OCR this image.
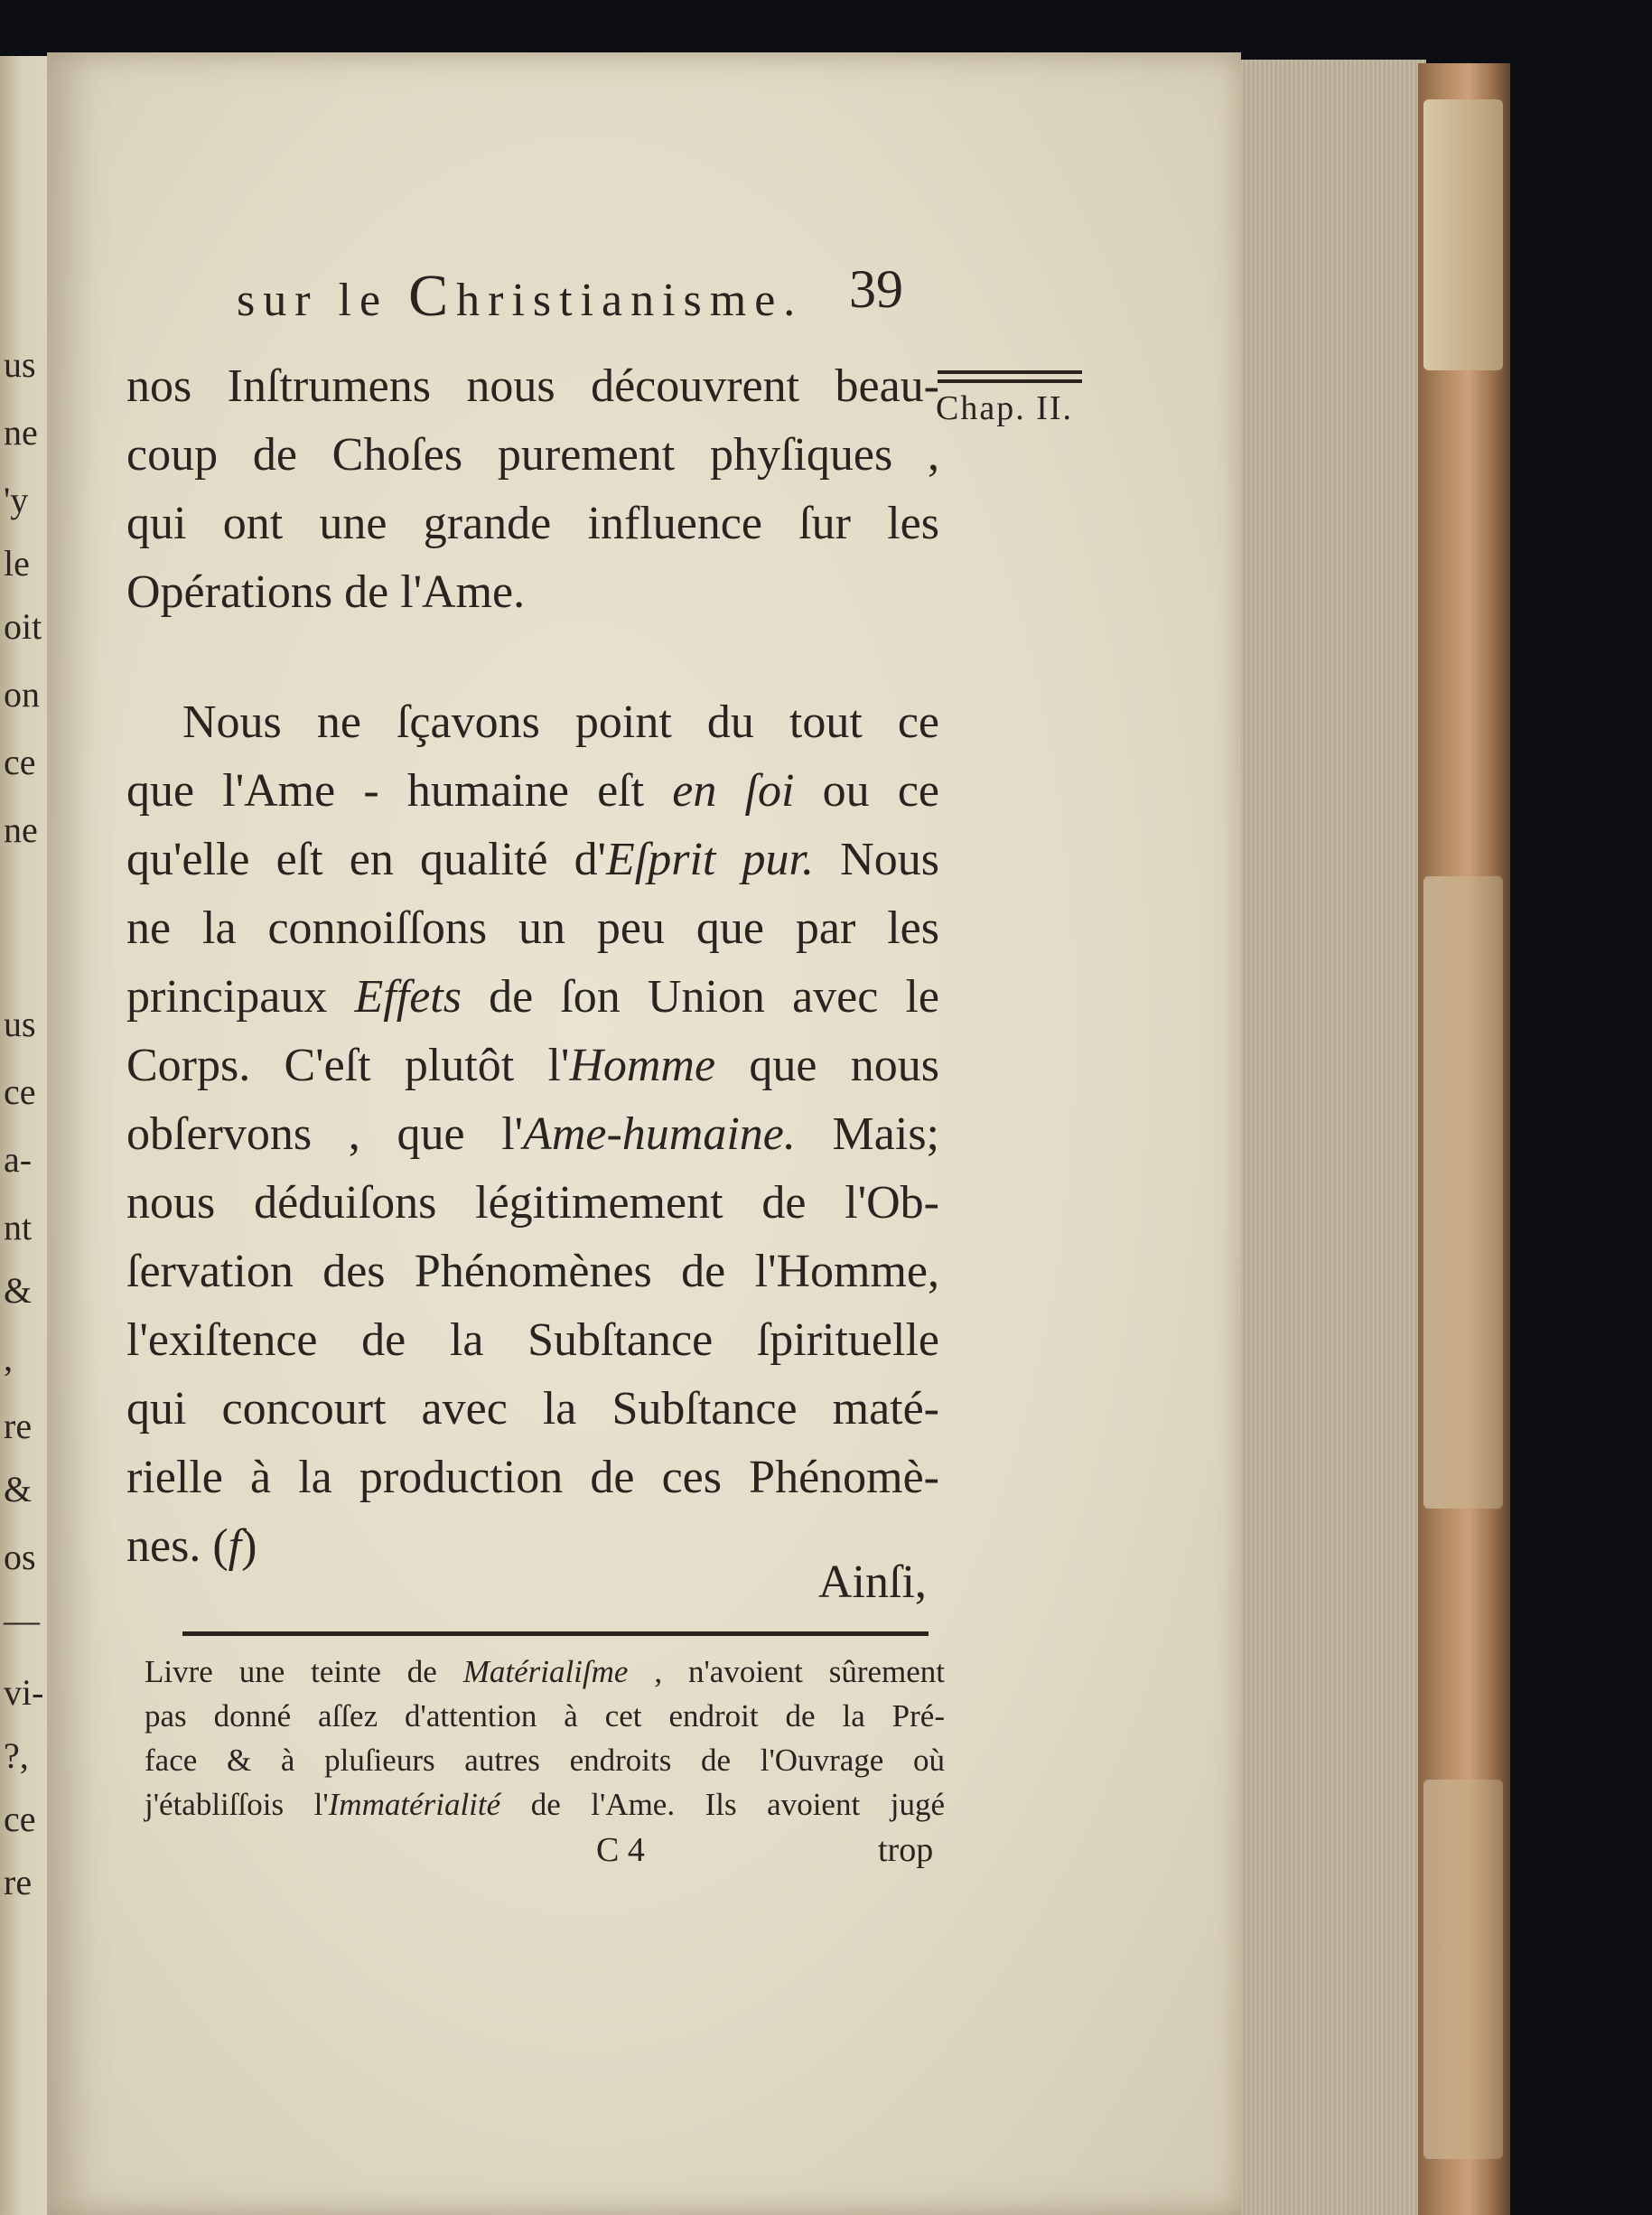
us
ne
'y
le
oit
on
ce
ne
us
ce
a-
nt
&
,
re
&
os
—
vi-
?,
ce
re
sur le Christianisme. 39
Chap. II.
nos Inſtrumens nous découvrent beau-
coup de Choſes purement phyſiques ,
qui ont une grande influence ſur les
Opérations de l'Ame.
Nous ne ſçavons point du tout ce
que l'Ame - humaine eſt en ſoi ou ce
qu'elle eſt en qualité d'Eſprit pur. Nous
ne la connoiſſons un peu que par les
principaux Effets de ſon Union avec le
Corps. C'eſt plutôt l'Homme que nous
obſervons , que l'Ame-humaine. Mais;
nous déduiſons légitimement de l'Ob-
ſervation des Phénomènes de l'Homme,
l'exiſtence de la Subſtance ſpirituelle
qui concourt avec la Subſtance maté-
rielle à la production de ces Phénomè-
nes. (f)
Ainſi,
Livre une teinte de Matérialiſme , n'avoient sûrement
pas donné aſſez d'attention à cet endroit de la Pré-
face & à pluſieurs autres endroits de l'Ouvrage où
j'établiſſois l'Immatérialité de l'Ame. Ils avoient jugé
C 4	trop
